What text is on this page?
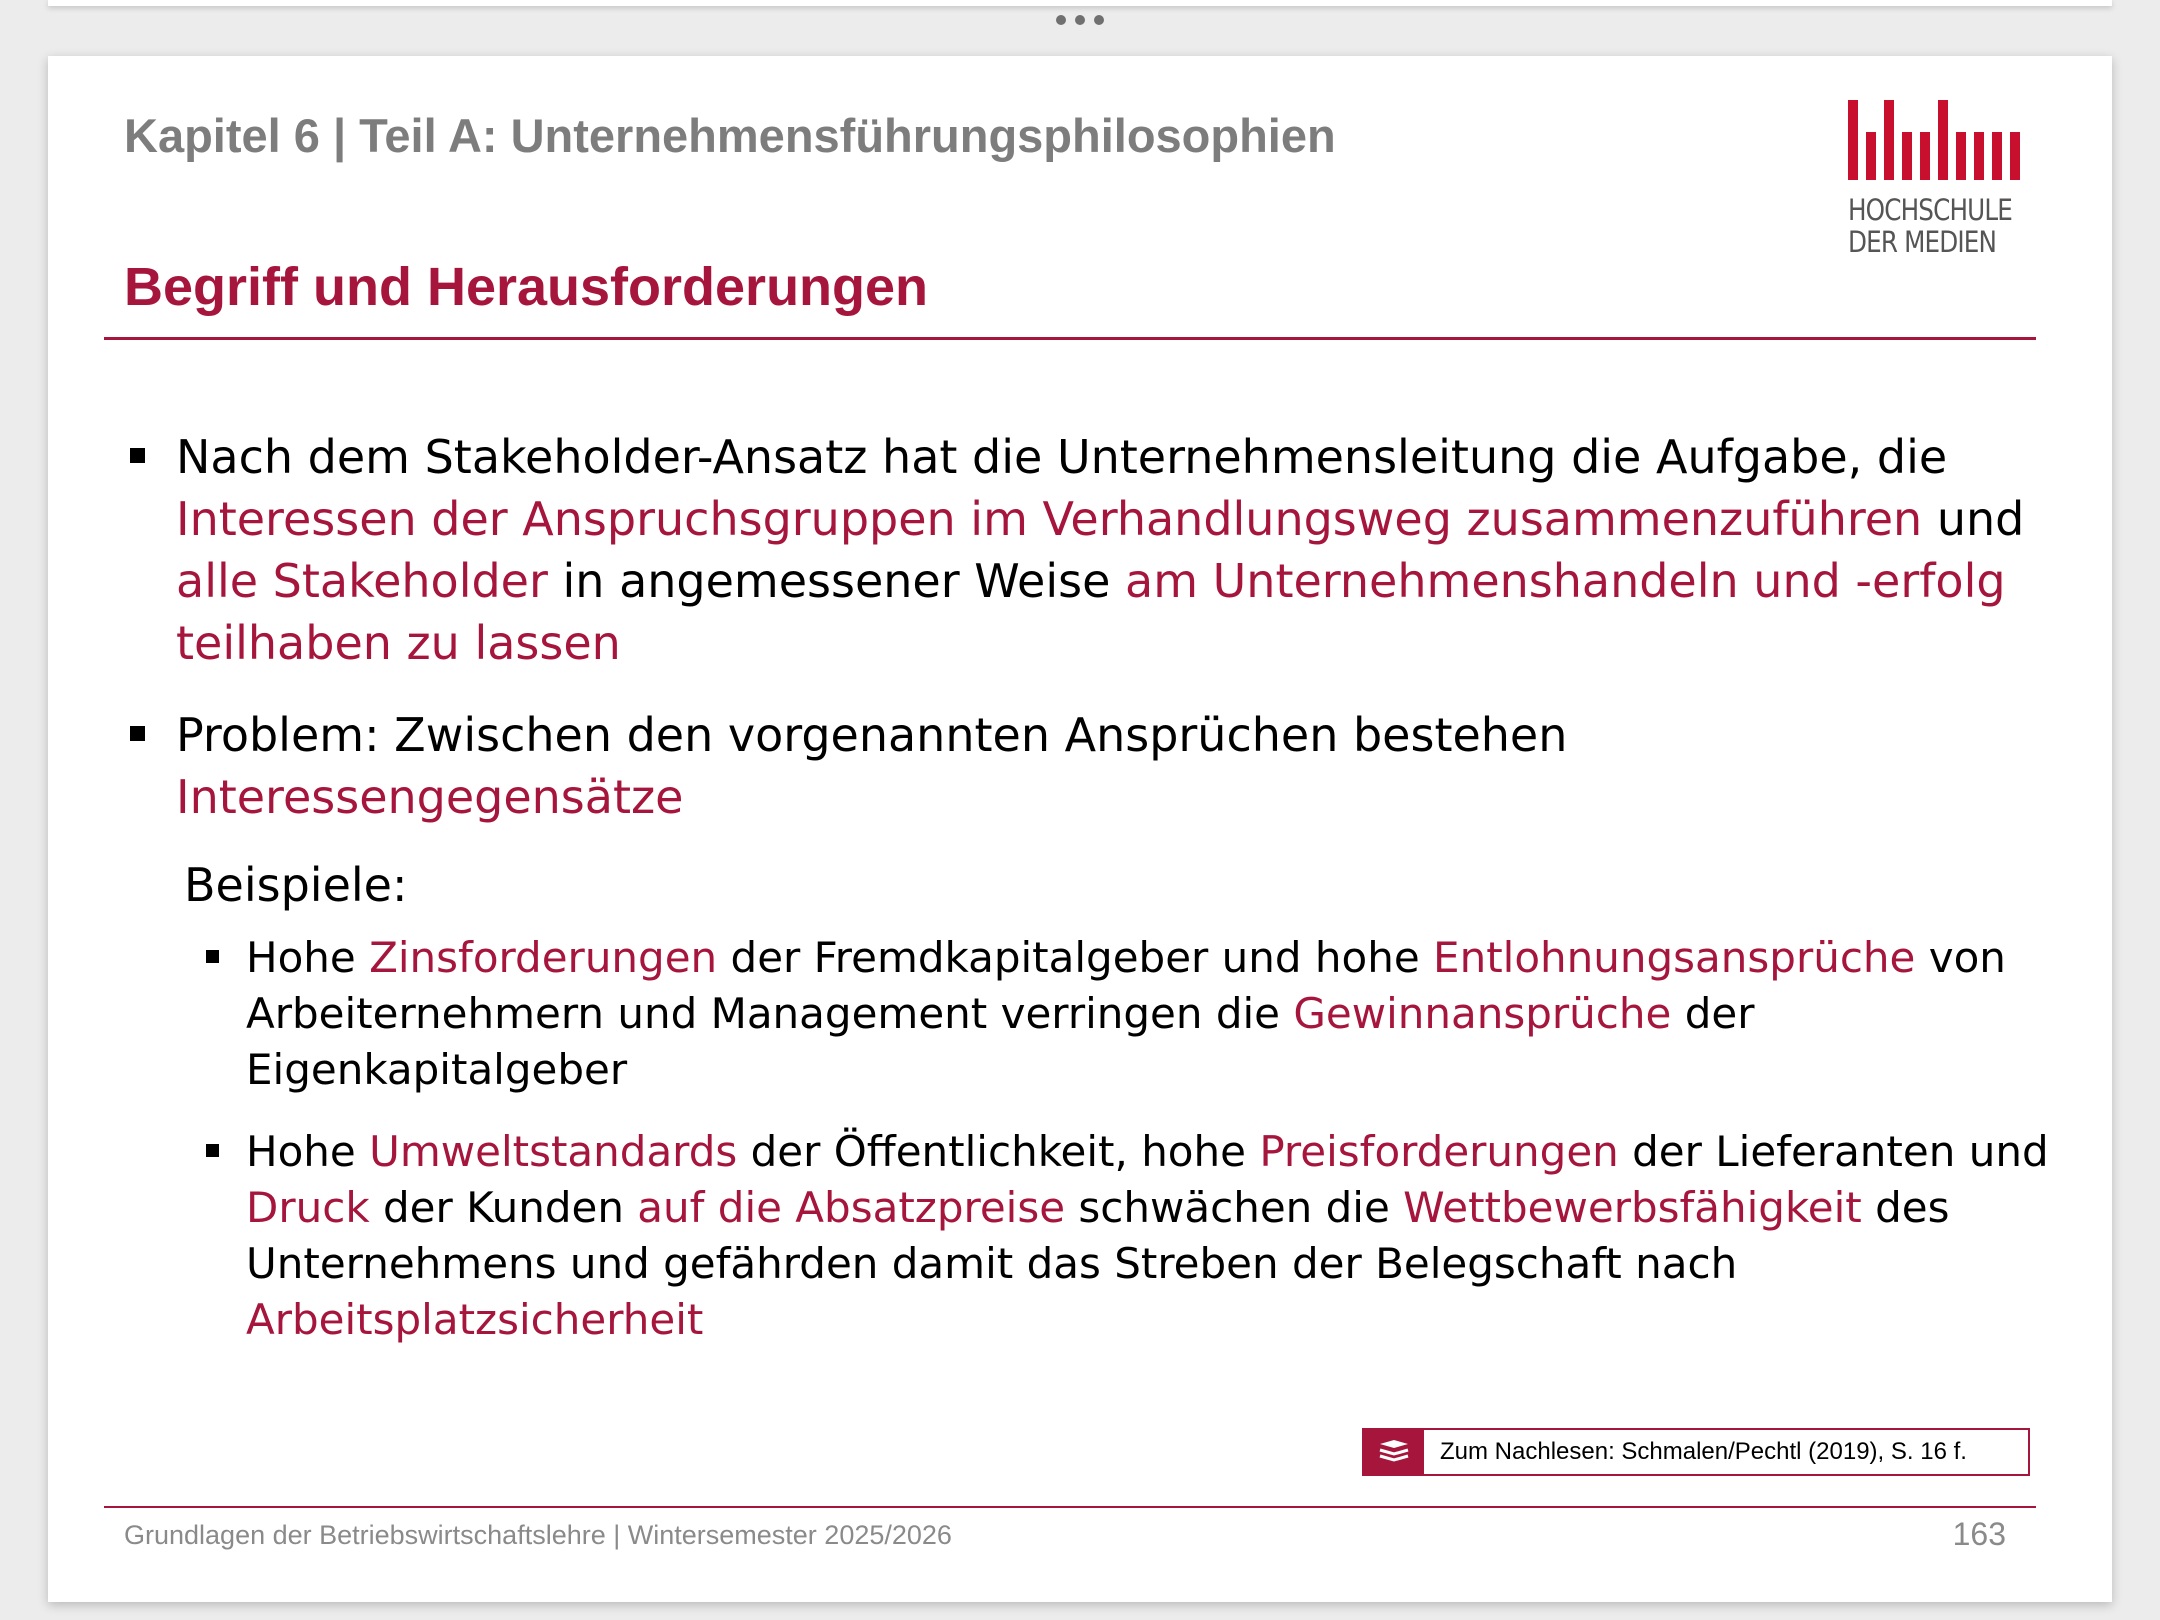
Kapitel 6 | Teil A: Unternehmensführungsphilosophien
HOCHSCHULE
DER MEDIEN
Begriff und Herausforderungen
Nach dem Stakeholder-Ansatz hat die Unternehmensleitung die Aufgabe, die Interessen der Anspruchsgruppen im Verhandlungsweg zusammenzuführen und alle Stakeholder in angemessener Weise am Unternehmenshandeln und -erfolg teilhaben zu lassen
Problem: Zwischen den vorgenannten Ansprüchen bestehen Interessengegensätze
Beispiele:
Hohe Zinsforderungen der Fremdkapitalgeber und hohe Entlohnungsansprüche von Arbeiternehmern und Management verringen die Gewinnansprüche der Eigenkapitalgeber
Hohe Umweltstandards der Öffentlichkeit, hohe Preisforderungen der Lieferanten und Druck der Kunden auf die Absatzpreise schwächen die Wettbewerbsfähigkeit des Unternehmens und gefährden damit das Streben der Belegschaft nach Arbeitsplatzsicherheit
Zum Nachlesen: Schmalen/Pechtl (2019), S. 16 f.
Grundlagen der Betriebswirtschaftslehre | Wintersemester 2025/2026	163
